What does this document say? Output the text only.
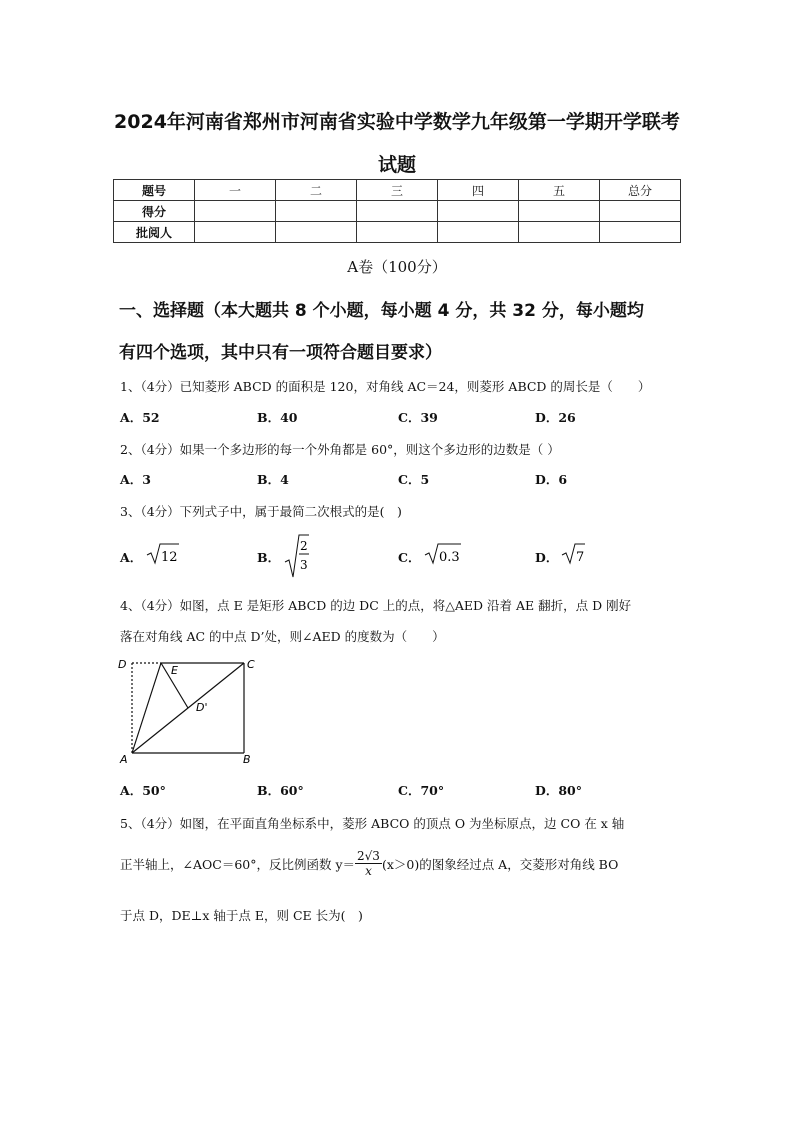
2024年河南省郑州市河南省实验中学数学九年级第一学期开学联考
试题
题号	一	二	三	四	五	总分
得分						
批阅人						
A卷（100分）
一、选择题（本大题共 8 个小题，每小题 4 分，共 32 分，每小题均
有四个选项，其中只有一项符合题目要求）
1、（4分）已知菱形 ABCD 的面积是 120，对角线 AC＝24，则菱形 ABCD 的周长是（　　）
A．52	B．40	C．39	D．26
2、（4分）如果一个多边形的每一个外角都是 60°，则这个多边形的边数是（ ）
A．3	B．4	C．5	D．6
3、（4分）下列式子中，属于最简二次根式的是(　)
A． 12	B．
2
3	C． 0.3	D． 7
4、（4分）如图，点 E 是矩形 ABCD 的边 DC 上的点，将△AED 沿着 AE 翻折，点 D 刚好
落在对角线 AC 的中点 D’处，则∠AED 的度数为（　　）
D	E	C
D'
A	B
A．50°	B．60°	C．70°	D．80°
5、（4分）如图，在平面直角坐标系中，菱形 ABCO 的顶点 O 为坐标原点，边 CO 在 x 轴
正半轴上，∠AOC＝60°，反比例函数 $y= \frac{2√3}{x} (x>0)$的图象经过点 A，交菱形对角线 BO
于点 D，DE⊥x 轴于点 E，则 CE 长为(　)
